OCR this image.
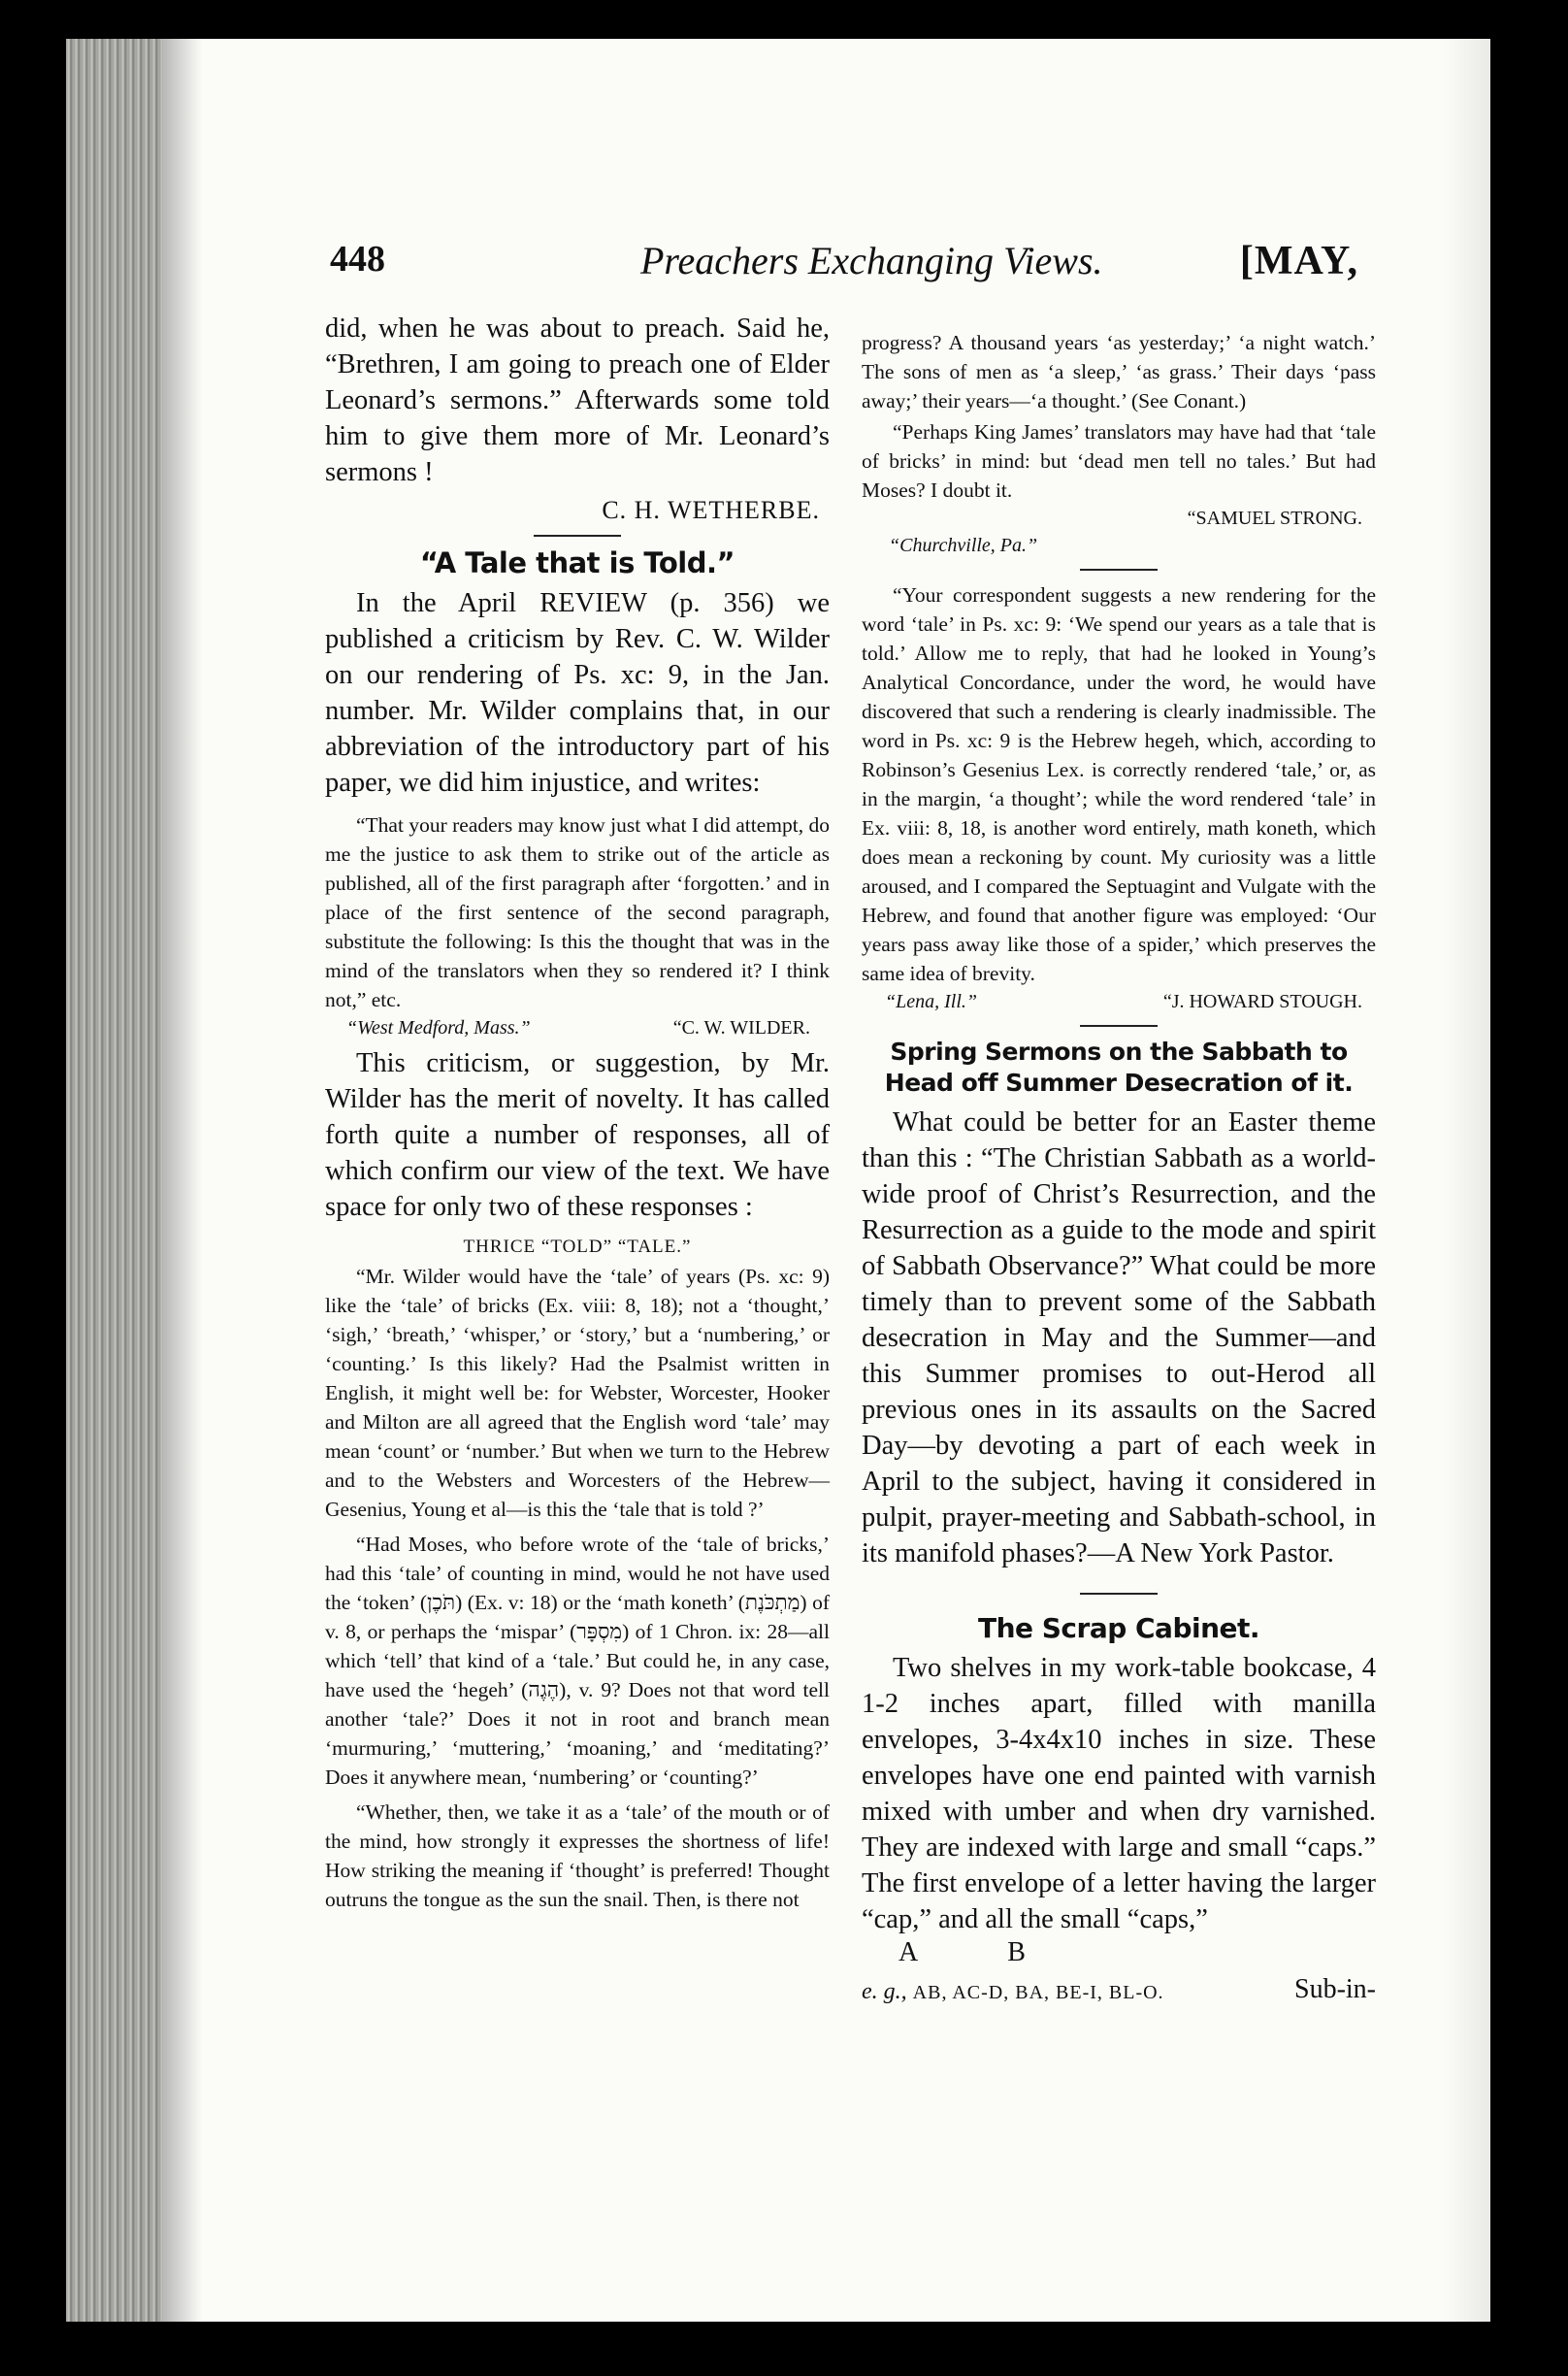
448	Preachers Exchanging Views.	[MAY,

did, when he was about to preach. Said he, “Brethren, I am going to preach one of Elder Leonard’s sermons.” Afterwards some told him to give them more of Mr. Leonard’s sermons !

C. H. WETHERBE.
“A Tale that is Told.”

In the April REVIEW (p. 356) we published a criticism by Rev. C. W. Wilder on our rendering of Ps. xc: 9, in the Jan. number. Mr. Wilder complains that, in our abbreviation of the introductory part of his paper, we did him injustice, and writes:

“That your readers may know just what I did attempt, do me the justice to ask them to strike out of the article as published, all of the first paragraph after ‘forgotten.’ and in place of the first sentence of the second paragraph, substitute the following: Is this the thought that was in the mind of the translators when they so rendered it? I think not,” etc.

“West Medford, Mass.”	“C. W. WILDER.

This criticism, or suggestion, by Mr. Wilder has the merit of novelty. It has called forth quite a number of responses, all of which confirm our view of the text. We have space for only two of these responses :

THRICE “TOLD” “TALE.”

“Mr. Wilder would have the ‘tale’ of years (Ps. xc: 9) like the ‘tale’ of bricks (Ex. viii: 8, 18); not a ‘thought,’ ‘sigh,’ ‘breath,’ ‘whisper,’ or ‘story,’ but a ‘numbering,’ or ‘counting.’ Is this likely? Had the Psalmist written in English, it might well be: for Webster, Worcester, Hooker and Milton are all agreed that the English word ‘tale’ may mean ‘count’ or ‘number.’ But when we turn to the Hebrew and to the Websters and Worcesters of the Hebrew—Gesenius, Young et al—is this the ‘tale that is told ?’

“Had Moses, who before wrote of the ‘tale of bricks,’ had this ‘tale’ of counting in mind, would he not have used the ‘token’ (תֹּכֶן) (Ex. v: 18) or the ‘math koneth’ (מַתְכֹּנֶת) of v. 8, or perhaps the ‘mispar’ (מִסְפָּר) of 1 Chron. ix: 28—all which ‘tell’ that kind of a ‘tale.’ But could he, in any case, have used the ‘hegeh’ (הֶגֶה), v. 9? Does not that word tell another ‘tale?’ Does it not in root and branch mean ‘murmuring,’ ‘muttering,’ ‘moaning,’ and ‘meditating?’ Does it anywhere mean, ‘numbering’ or ‘counting?’

“Whether, then, we take it as a ‘tale’ of the mouth or of the mind, how strongly it expresses the shortness of life! How striking the meaning if ‘thought’ is preferred! Thought outruns the tongue as the sun the snail. Then, is there not

progress? A thousand years ‘as yesterday;’ ‘a night watch.’ The sons of men as ‘a sleep,’ ‘as grass.’ Their days ‘pass away;’ their years—‘a thought.’ (See Conant.)

“Perhaps King James’ translators may have had that ‘tale of bricks’ in mind: but ‘dead men tell no tales.’ But had Moses? I doubt it.

“SAMUEL STRONG.
“Churchville, Pa.”

“Your correspondent suggests a new rendering for the word ‘tale’ in Ps. xc: 9: ‘We spend our years as a tale that is told.’ Allow me to reply, that had he looked in Young’s Analytical Concordance, under the word, he would have discovered that such a rendering is clearly inadmissible. The word in Ps. xc: 9 is the Hebrew hegeh, which, according to Robinson’s Gesenius Lex. is correctly rendered ‘tale,’ or, as in the margin, ‘a thought’; while the word rendered ‘tale’ in Ex. viii: 8, 18, is another word entirely, math koneth, which does mean a reckoning by count. My curiosity was a little aroused, and I compared the Septuagint and Vulgate with the Hebrew, and found that another figure was employed: ‘Our years pass away like those of a spider,’ which preserves the same idea of brevity.

“Lena, Ill.”	“J. HOWARD STOUGH.
Spring Sermons on the Sabbath to Head off Summer Desecration of it.

What could be better for an Easter theme than this : “The Christian Sabbath as a world-wide proof of Christ’s Resurrection, and the Resurrection as a guide to the mode and spirit of Sabbath Observance?” What could be more timely than to prevent some of the Sabbath desecration in May and the Summer—and this Summer promises to out-Herod all previous ones in its assaults on the Sacred Day—by devoting a part of each week in April to the subject, having it considered in pulpit, prayer-meeting and Sabbath-school, in its manifold phases?—A New York Pastor.

The Scrap Cabinet.

Two shelves in my work-table bookcase, 4 1-2 inches apart, filled with manilla envelopes, 3-4x4x10 inches in size. These envelopes have one end painted with varnish mixed with umber and when dry varnished. They are indexed with large and small “caps.” The first envelope of a letter having the larger “cap,” and all the small “caps,”

A	B
e. g., AB, AC-D, BA, BE-I, BL-O.	Sub-in-
